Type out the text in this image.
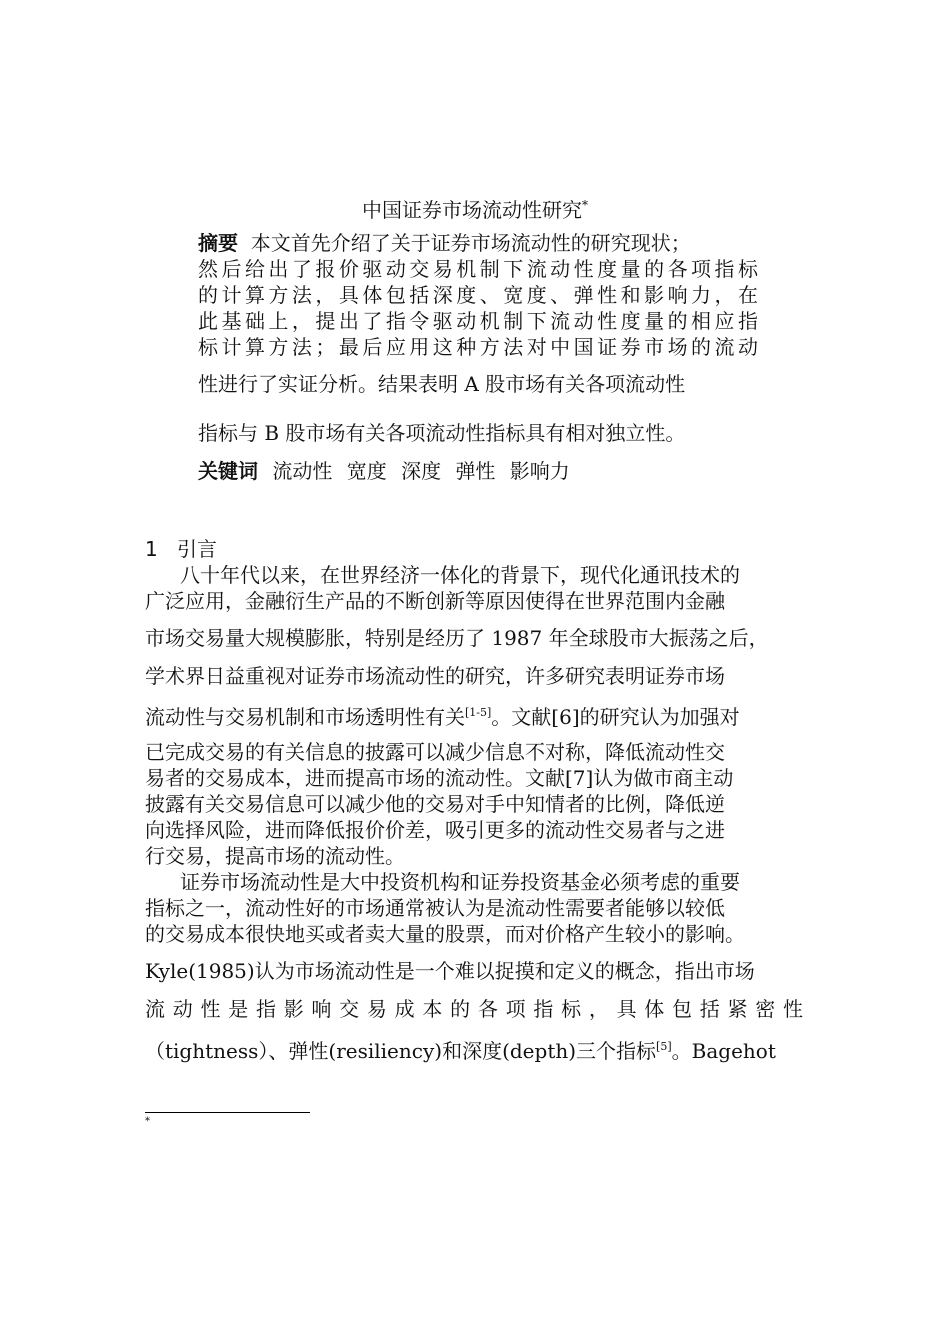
中国证券市场流动性研究*
摘要 本文首先介绍了关于证券市场流动性的研究现状；
然后给出了报价驱动交易机制下流动性度量的各项指标
的计算方法，具体包括深度、宽度、弹性和影响力，在
此基础上，提出了指令驱动机制下流动性度量的相应指
标计算方法；最后应用这种方法对中国证券市场的流动
性进行了实证分析。结果表明 A 股市场有关各项流动性
指标与 B 股市场有关各项流动性指标具有相对独立性。
关键词 流动性 宽度 深度 弹性 影响力
1 引言
八十年代以来，在世界经济一体化的背景下，现代化通讯技术的
广泛应用，金融衍生产品的不断创新等原因使得在世界范围内金融
市场交易量大规模膨胀，特别是经历了 1987 年全球股市大振荡之后，
学术界日益重视对证券市场流动性的研究，许多研究表明证券市场
流动性与交易机制和市场透明性有关[1-5]。文献[6]的研究认为加强对
已完成交易的有关信息的披露可以减少信息不对称，降低流动性交
易者的交易成本，进而提高市场的流动性。文献[7]认为做市商主动
披露有关交易信息可以减少他的交易对手中知情者的比例，降低逆
向选择风险，进而降低报价价差，吸引更多的流动性交易者与之进
行交易，提高市场的流动性。
证券市场流动性是大中投资机构和证券投资基金必须考虑的重要
指标之一，流动性好的市场通常被认为是流动性需要者能够以较低
的交易成本很快地买或者卖大量的股票，而对价格产生较小的影响。
Kyle(1985)认为市场流动性是一个难以捉摸和定义的概念，指出市场
流动性是指影响交易成本的各项指标，具体包括紧密性
（tightness）、弹性(resiliency)和深度(depth)三个指标[5]。Bagehot
*
